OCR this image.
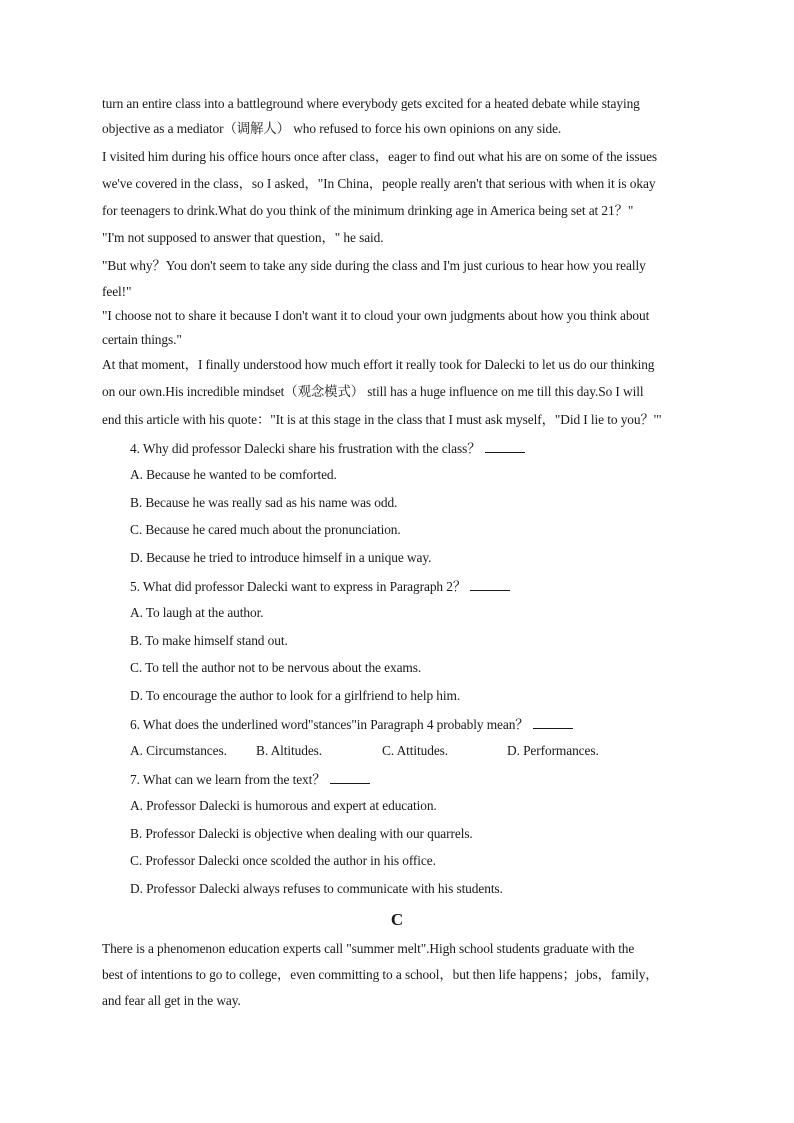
turn an entire class into a battleground where everybody gets excited for a heated debate while staying
objective as a mediator（调解人） who refused to force his own opinions on any side.
I visited him during his office hours once after class，eager to find out what his are on some of the issues
we've covered in the class，so I asked，"In China，people really aren't that serious with when it is okay
for teenagers to drink.What do you think of the minimum drinking age in America being set at 21？"
"I'm not supposed to answer that question，" he said.
"But why？You don't seem to take any side during the class and I'm just curious to hear how you really
feel!"
"I choose not to share it because I don't want it to cloud your own judgments about how you think about
certain things."
At that moment，I finally understood how much effort it really took for Dalecki to let us do our thinking
on our own.His incredible mindset（观念模式） still has a huge influence on me till this day.So I will
end this article with his quote："It is at this stage in the class that I must ask myself，"Did I lie to you？'"
4. Why did professor Dalecki share his frustration with the class？
A. Because he wanted to be comforted.
B. Because he was really sad as his name was odd.
C. Because he cared much about the pronunciation.
D. Because he tried to introduce himself in a unique way.
5. What did professor Dalecki want to express in Paragraph 2？
A. To laugh at the author.
B. To make himself stand out.
C. To tell the author not to be nervous about the exams.
D. To encourage the author to look for a girlfriend to help him.
6. What does the underlined word"stances"in Paragraph 4 probably mean？
A. Circumstances. B. Altitudes.	C. Attitudes.	D. Performances.
7. What can we learn from the text？
A. Professor Dalecki is humorous and expert at education.
B. Professor Dalecki is objective when dealing with our quarrels.
C. Professor Dalecki once scolded the author in his office.
D. Professor Dalecki always refuses to communicate with his students.
C
There is a phenomenon education experts call "summer melt".High school students graduate with the
best of intentions to go to college，even committing to a school，but then life happens；jobs，family，
and fear all get in the way.
